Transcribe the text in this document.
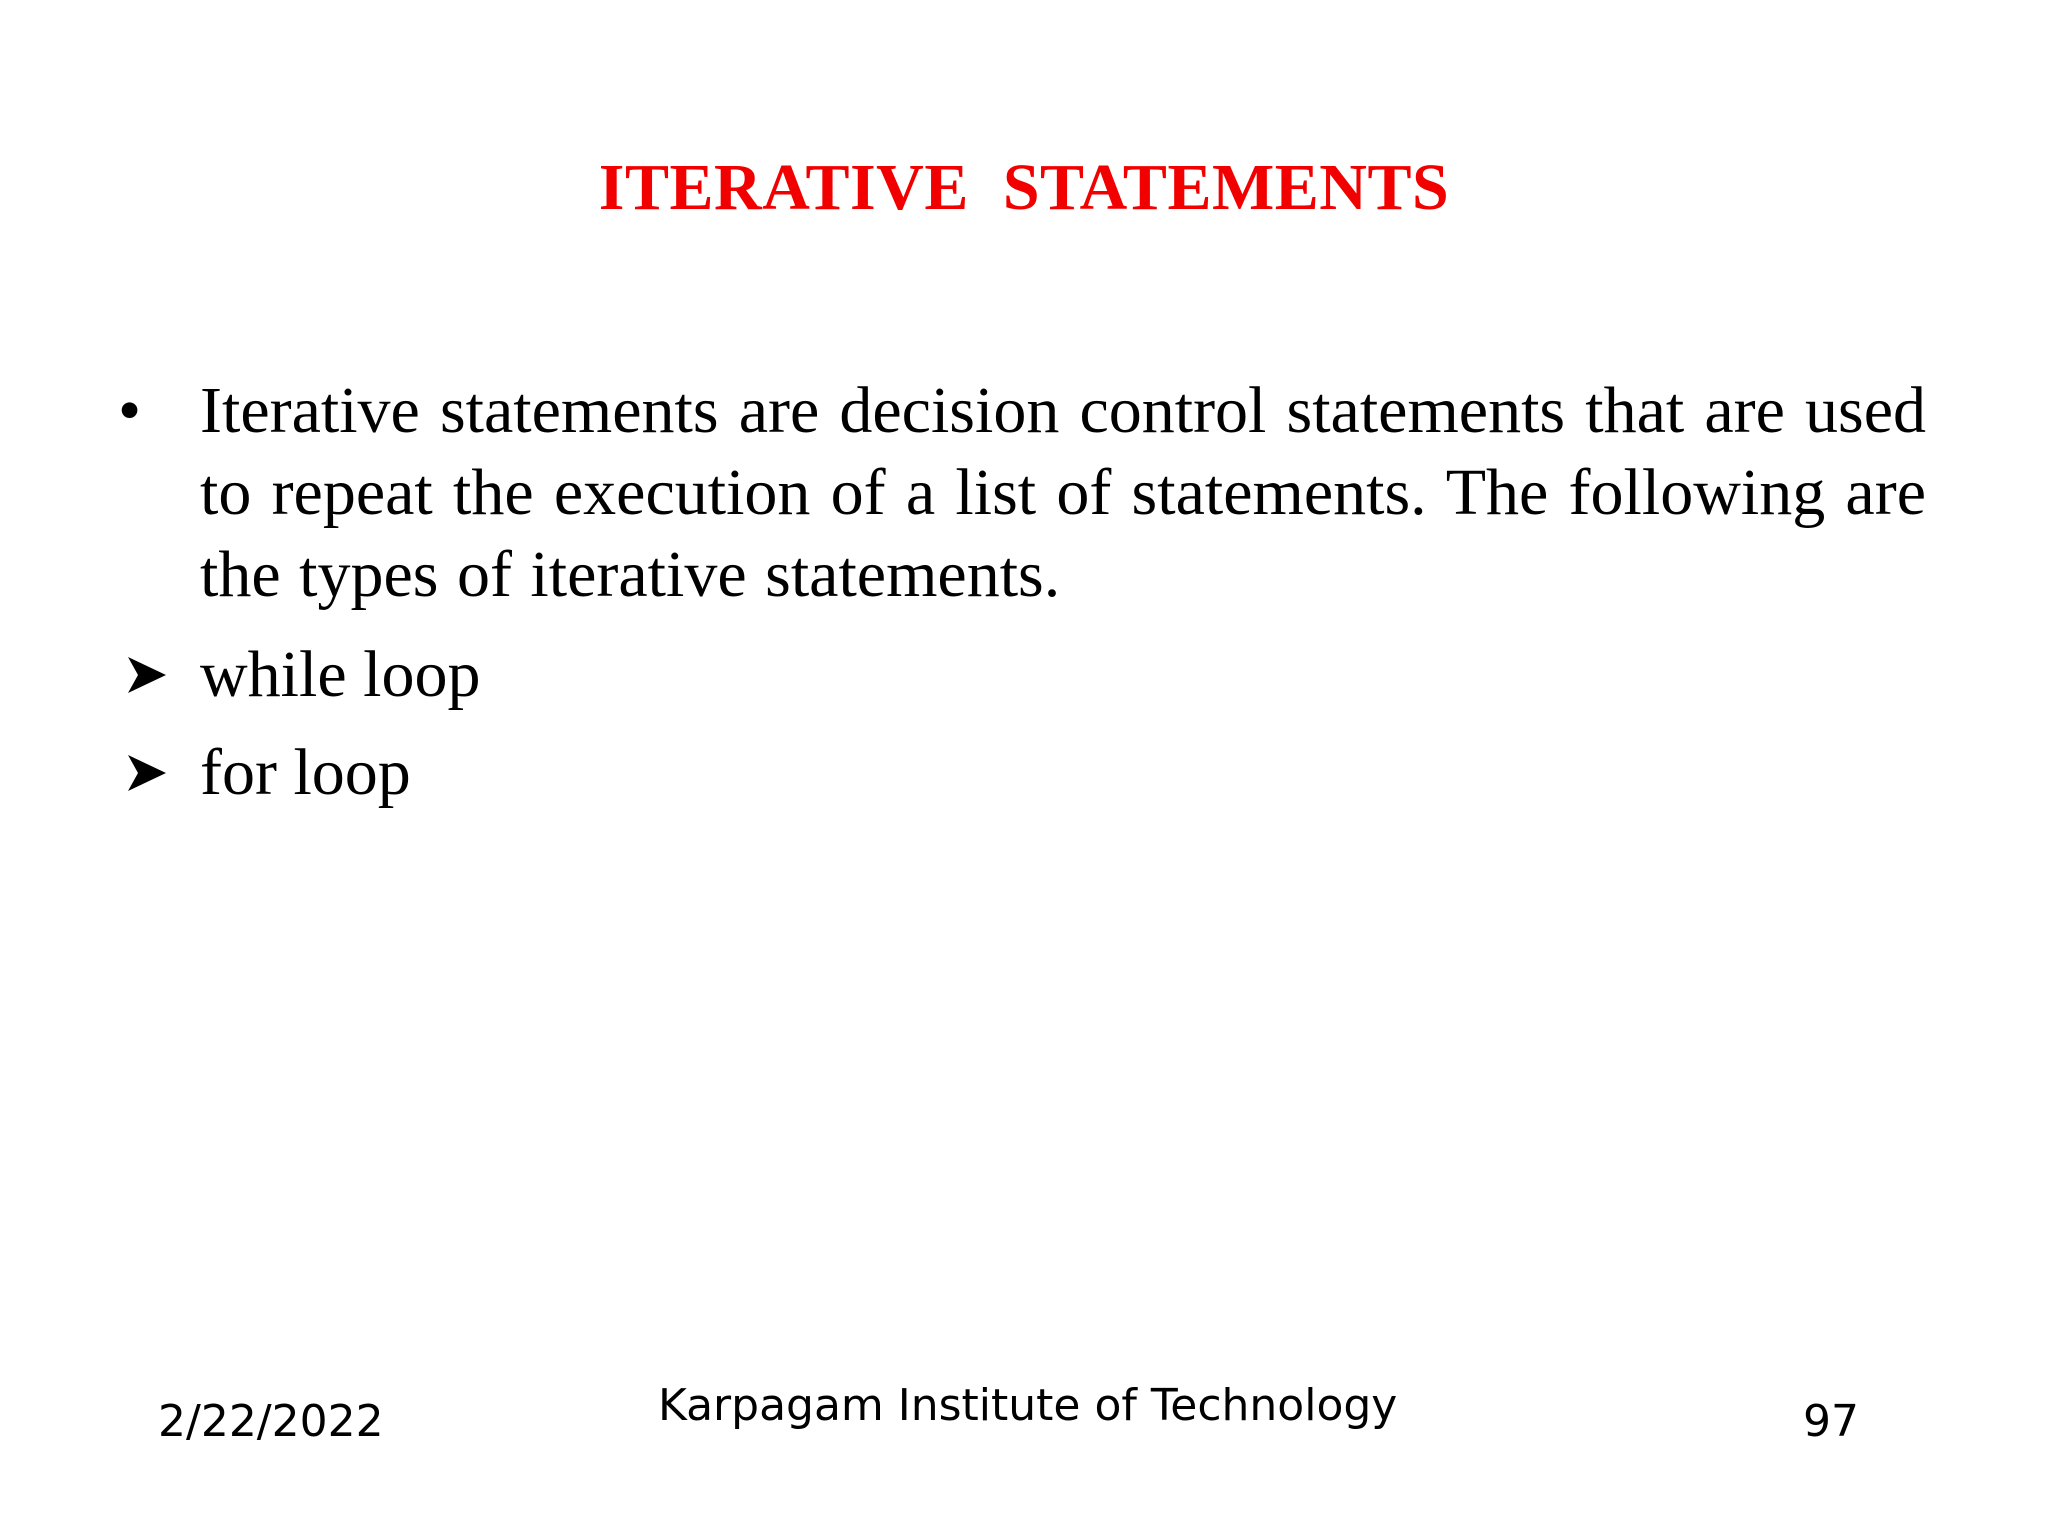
ITERATIVE  STATEMENTS
• Iterative statements are decision control statements that are used to repeat the execution of a list of statements. The following are the types of iterative statements.
while loop
for loop
2/22/2022	Karpagam Institute of Technology	97
